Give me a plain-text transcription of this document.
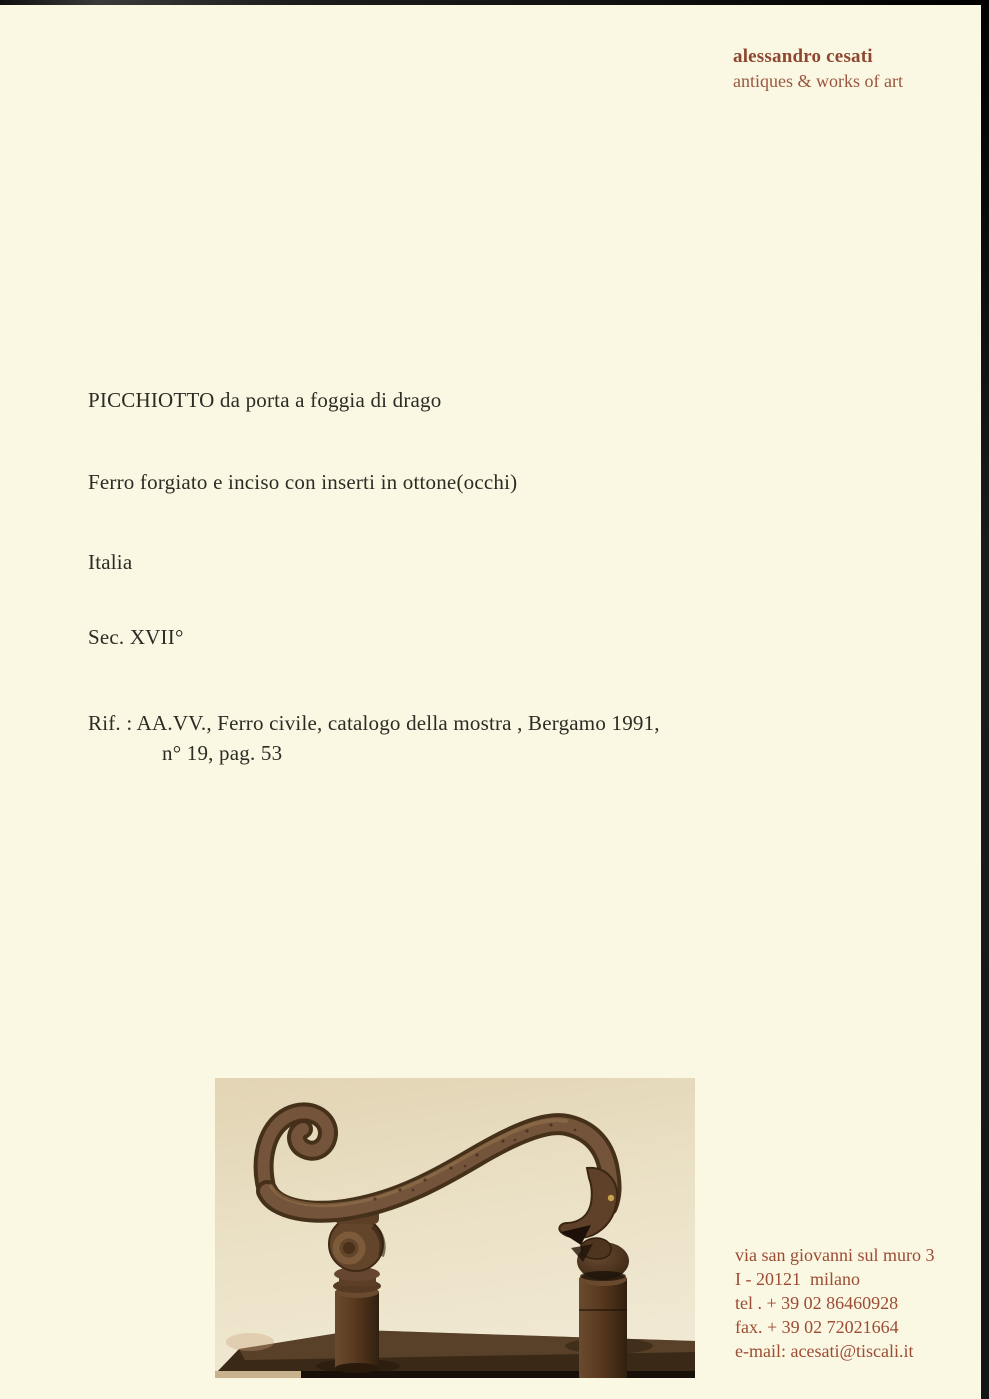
alessandro cesati
antiques & works of art
PICCHIOTTO da porta a foggia di drago
Ferro forgiato e inciso con inserti in ottone(occhi)
Italia
Sec. XVII°
Rif. : AA.VV., Ferro civile, catalogo della mostra , Bergamo 1991,
n° 19, pag. 53
via san giovanni sul muro 3
I - 20121  milano
tel . + 39 02 86460928
fax. + 39 02 72021664
e-mail: acesati@tiscali.it
